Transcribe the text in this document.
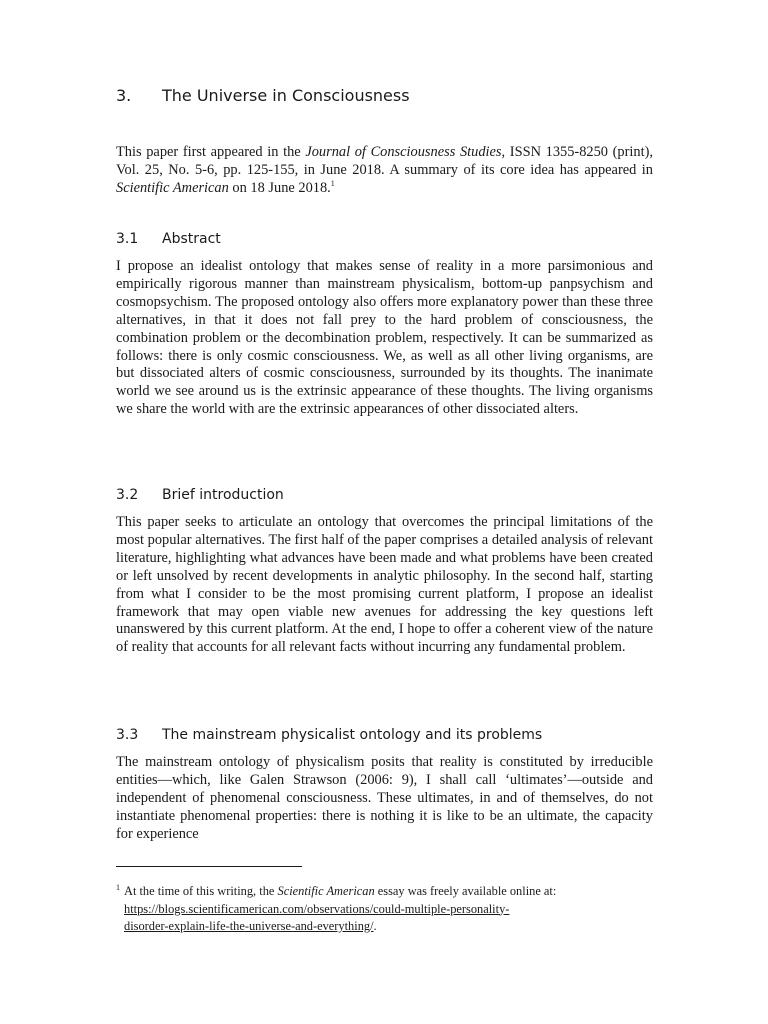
3. The Universe in Consciousness

This paper first appeared in the Journal of Consciousness Studies, ISSN 1355-8250 (print), Vol. 25, No. 5-6, pp. 125-155, in June 2018. A summary of its core idea has appeared in Scientific American on 18 June 2018.$^1$

3.1 Abstract

I propose an idealist ontology that makes sense of reality in a more parsimonious and empirically rigorous manner than mainstream physicalism, bottom-up panpsychism and cosmopsychism. The proposed ontology also offers more explanatory power than these three alternatives, in that it does not fall prey to the hard problem of consciousness, the combination problem or the decombination problem, respectively. It can be summarized as follows: there is only cosmic consciousness. We, as well as all other living organisms, are but dissociated alters of cosmic consciousness, surrounded by its thoughts. The inanimate world we see around us is the extrinsic appearance of these thoughts. The living organisms we share the world with are the extrinsic appearances of other dissociated alters.

3.2 Brief introduction

This paper seeks to articulate an ontology that overcomes the principal limitations of the most popular alternatives. The first half of the paper comprises a detailed analysis of relevant literature, highlighting what advances have been made and what problems have been created or left unsolved by recent developments in analytic philosophy. In the second half, starting from what I consider to be the most promising current platform, I propose an idealist framework that may open viable new avenues for addressing the key questions left unanswered by this current platform. At the end, I hope to offer a coherent view of the nature of reality that accounts for all relevant facts without incurring any fundamental problem.

3.3 The mainstream physicalist ontology and its problems

The mainstream ontology of physicalism posits that reality is constituted by irreducible entities—which, like Galen Strawson (2006: 9), I shall call ‘ultimates’—outside and independent of phenomenal consciousness. These ultimates, in and of themselves, do not instantiate phenomenal properties: there is nothing it is like to be an ultimate, the capacity for experience

1 At the time of this writing, the Scientific American essay was freely available online at:
https://blogs.scientificamerican.com/observations/could-multiple-personality-
disorder-explain-life-the-universe-and-everything/.
